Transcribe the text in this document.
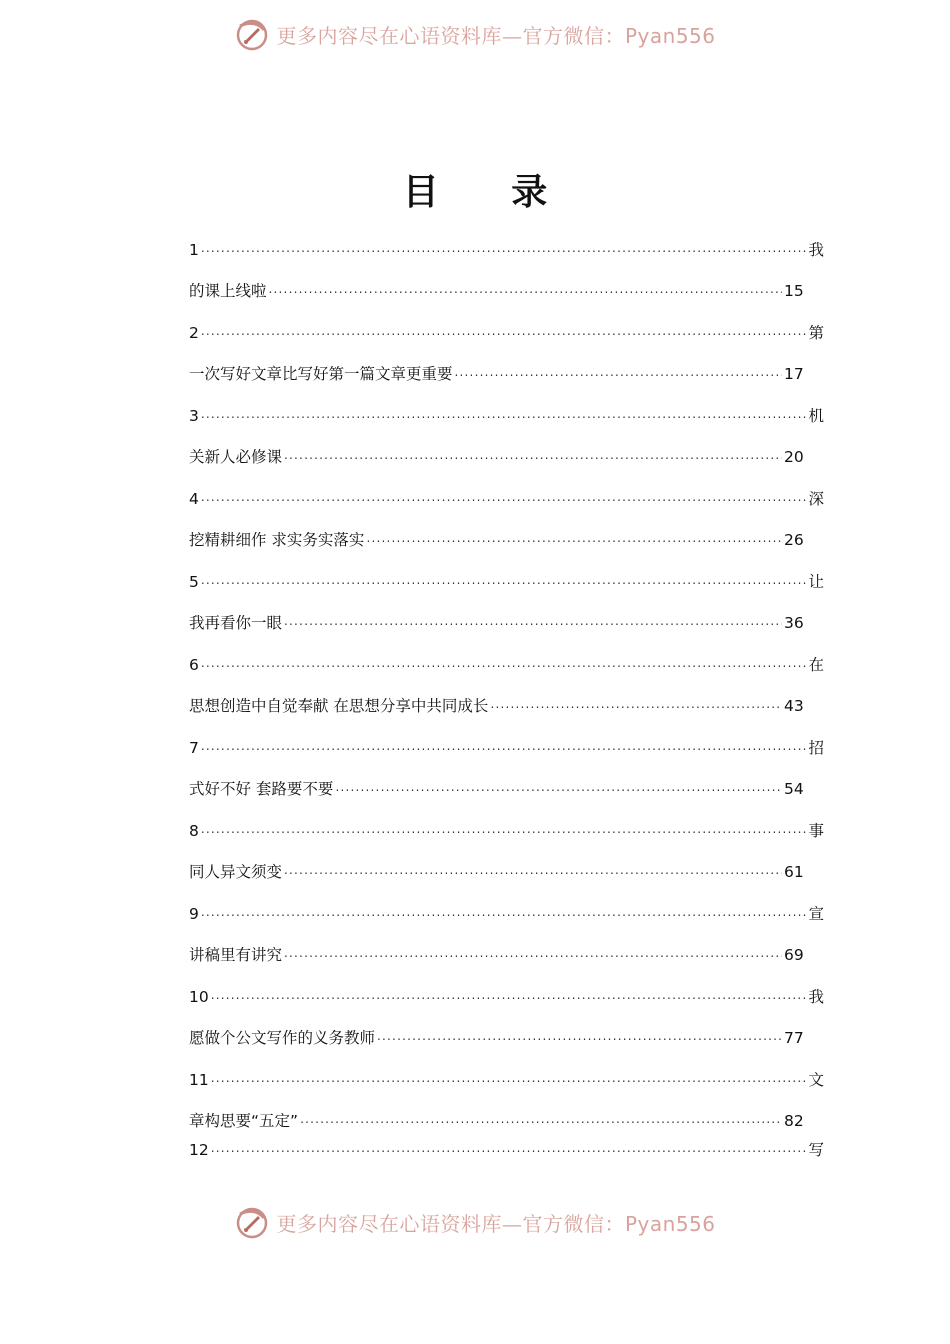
更多内容尽在心语资料库—官方微信：Pyan556
目 录
1 .....	我
的课上线啦 .....	15
2 .....	第
一次写好文章比写好第一篇文章更重要 .....	17
3 .....	机
关新人必修课 .....	20
4 .....	深
挖精耕细作 求实务实落实 .....	26
5 .....	让
我再看你一眼 .....	36
6 .....	在
思想创造中自觉奉献 在思想分享中共同成长 .....	43
7 .....	招
式好不好 套路要不要 .....	54
8 .....	事
同人异文须变 .....	61
9 .....	宣
讲稿里有讲究 .....	69
10 .....	我
愿做个公文写作的义务教师 .....	77
11 .....	文
章构思要“五定” .....	82
12 .....	写
更多内容尽在心语资料库—官方微信：Pyan556
